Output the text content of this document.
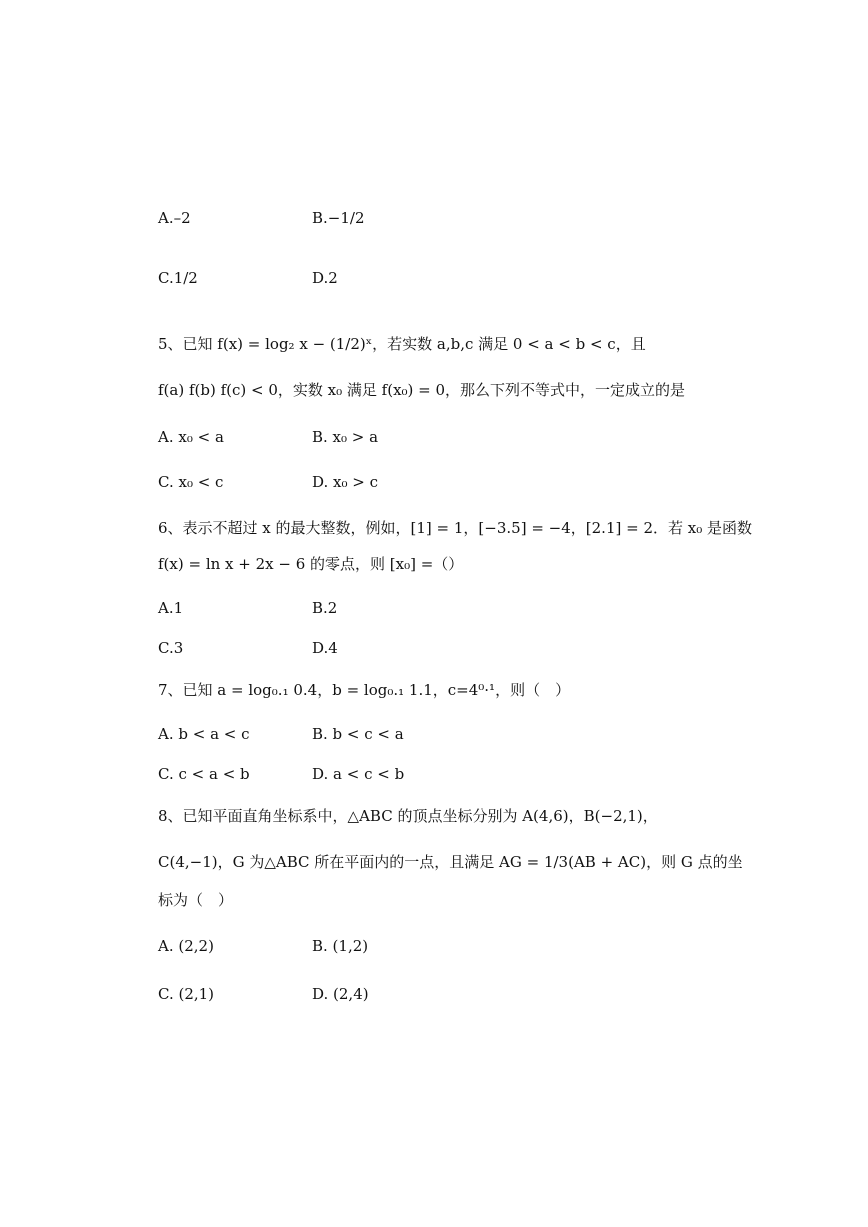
A.–2	B.−1/2
C.1/2	D.2
5、已知 f(x) = log₂ x − (1/2)ˣ，若实数 a,b,c 满足 0 < a < b < c，且
f(a) f(b) f(c) < 0，实数 x₀ 满足 f(x₀) = 0，那么下列不等式中，一定成立的是
A. x₀ < a	B. x₀ > a
C. x₀ < c	D. x₀ > c
6、表示不超过 x 的最大整数，例如，[1] = 1，[−3.5] = −4，[2.1] = 2．若 x₀ 是函数
f(x) = ln x + 2x − 6 的零点，则 [x₀] =（）
A.1	B.2
C.3	D.4
7、已知 a = log₀.₁ 0.4，b = log₀.₁ 1.1，c=4⁰·¹，则（　）
A. b < a < c	B. b < c < a
C. c < a < b	D. a < c < b
8、已知平面直角坐标系中，△ABC 的顶点坐标分别为 A(4,6)，B(−2,1)，
C(4,−1)，G 为△ABC 所在平面内的一点，且满足 AG = 1/3(AB + AC)，则 G 点的坐
标为（　）
A. (2,2)	B. (1,2)
C. (2,1)	D. (2,4)
